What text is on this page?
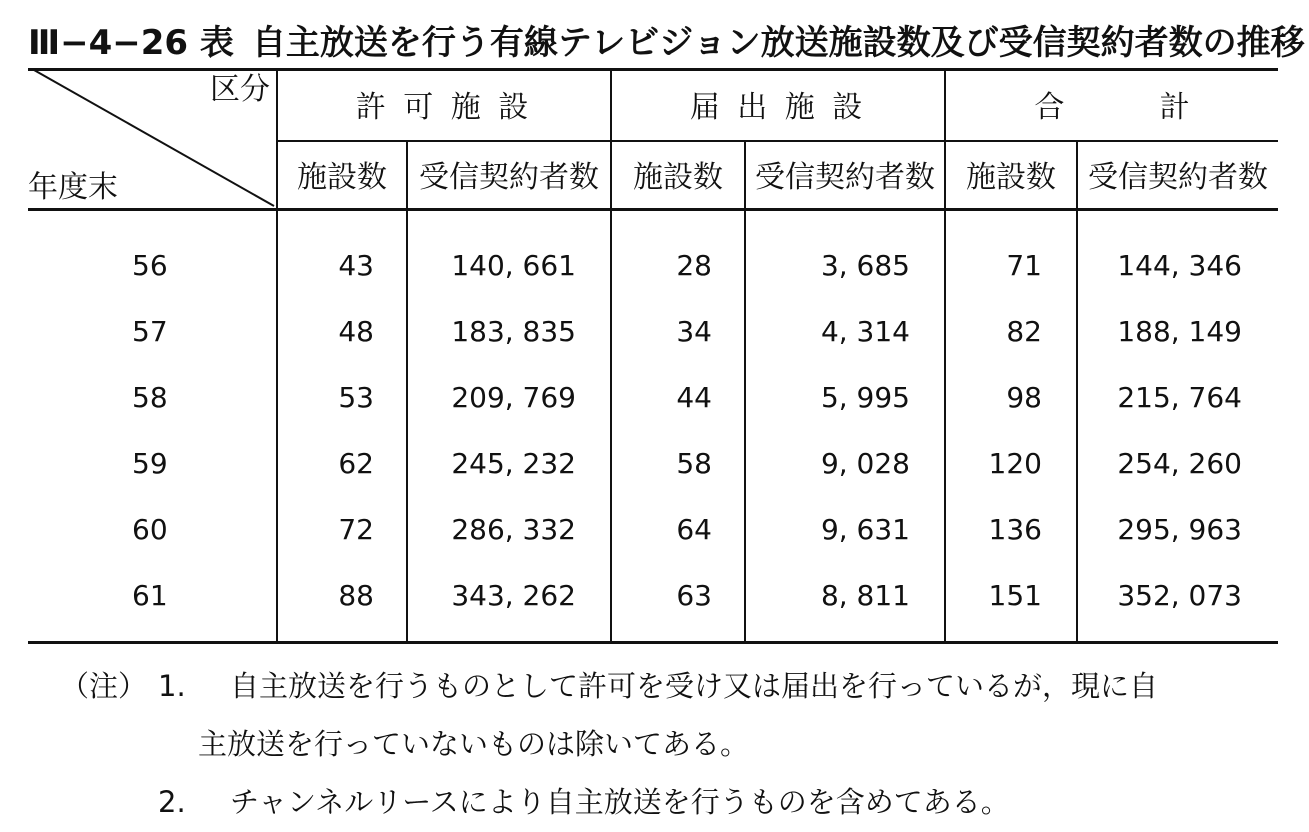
Ⅲ−4−26 表 自主放送を行う有線テレビジョン放送施設数及び受信契約者数の推移
区分
年度末
許 可 施 設	届 出 施 設	合          計
施設数	受信契約者数	施設数	受信契約者数	施設数	受信契約者数
56	43	140, 661	28	3, 685	71	144, 346
57	48	183, 835	34	4, 314	82	188, 149
58	53	209, 769	44	5, 995	98	215, 764
59	62	245, 232	58	9, 028	120	254, 260
60	72	286, 332	64	9, 631	136	295, 963
61	88	343, 262	63	8, 811	151	352, 073
（注） 1. 自主放送を行うものとして許可を受け又は届出を行っているが，現に自
主放送を行っていないものは除いてある。
2. チャンネルリースにより自主放送を行うものを含めてある。
